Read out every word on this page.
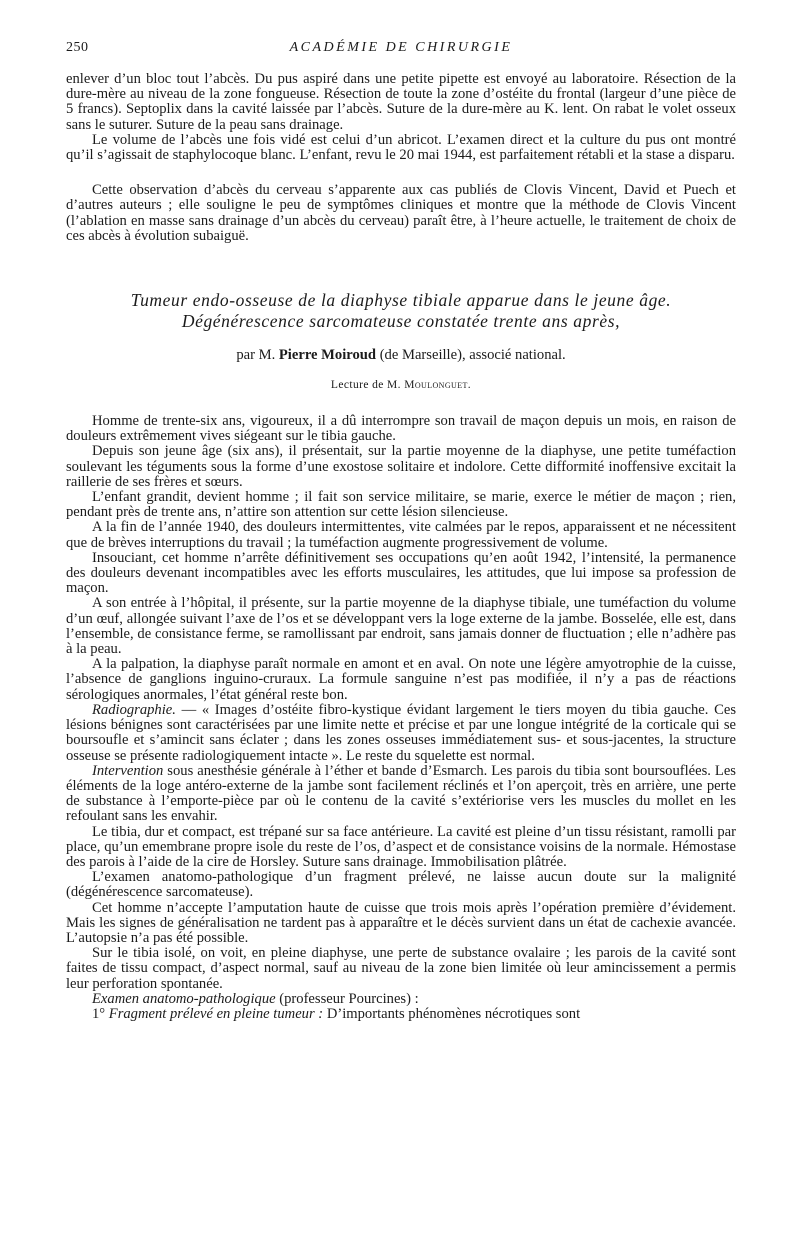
250	ACADÉMIE DE CHIRURGIE

enlever d’un bloc tout l’abcès. Du pus aspiré dans une petite pipette est envoyé au laboratoire. Résection de la dure-mère au niveau de la zone fongueuse. Résection de toute la zone d’ostéite du frontal (largeur d’une pièce de 5 francs). Septoplix dans la cavité laissée par l’abcès. Suture de la dure-mère au K. lent. On rabat le volet osseux sans le suturer. Suture de la peau sans drainage.

Le volume de l’abcès une fois vidé est celui d’un abricot. L’examen direct et la culture du pus ont montré qu’il s’agissait de staphylocoque blanc. L’enfant, revu le 20 mai 1944, est parfaitement rétabli et la stase a disparu.

Cette observation d’abcès du cerveau s’apparente aux cas publiés de Clovis Vincent, David et Puech et d’autres auteurs ; elle souligne le peu de symptômes cliniques et montre que la méthode de Clovis Vincent (l’ablation en masse sans drainage d’un abcès du cerveau) paraît être, à l’heure actuelle, le traitement de choix de ces abcès à évolution subaiguë.

Tumeur endo-osseuse de la diaphyse tibiale apparue dans le jeune âge.
Dégénérescence sarcomateuse constatée trente ans après,
par M. Pierre Moiroud (de Marseille), associé national.
Lecture de M. Moulonguet.

Homme de trente-six ans, vigoureux, il a dû interrompre son travail de maçon depuis un mois, en raison de douleurs extrêmement vives siégeant sur le tibia gauche.

Depuis son jeune âge (six ans), il présentait, sur la partie moyenne de la diaphyse, une petite tuméfaction soulevant les téguments sous la forme d’une exostose solitaire et indolore. Cette difformité inoffensive excitait la raillerie de ses frères et sœurs.

L’enfant grandit, devient homme ; il fait son service militaire, se marie, exerce le métier de maçon ; rien, pendant près de trente ans, n’attire son attention sur cette lésion silencieuse.

A la fin de l’année 1940, des douleurs intermittentes, vite calmées par le repos, apparaissent et ne nécessitent que de brèves interruptions du travail ; la tuméfaction augmente progressivement de volume.

Insouciant, cet homme n’arrête définitivement ses occupations qu’en août 1942, l’intensité, la permanence des douleurs devenant incompatibles avec les efforts musculaires, les attitudes, que lui impose sa profession de maçon.

A son entrée à l’hôpital, il présente, sur la partie moyenne de la diaphyse tibiale, une tuméfaction du volume d’un œuf, allongée suivant l’axe de l’os et se développant vers la loge externe de la jambe. Bosselée, elle est, dans l’ensemble, de consistance ferme, se ramollissant par endroit, sans jamais donner de fluctuation ; elle n’adhère pas à la peau.

A la palpation, la diaphyse paraît normale en amont et en aval. On note une légère amyotrophie de la cuisse, l’absence de ganglions inguino-cruraux. La formule sanguine n’est pas modifiée, il n’y a pas de réactions sérologiques anormales, l’état général reste bon.

Radiographie. — « Images d’ostéite fibro-kystique évidant largement le tiers moyen du tibia gauche. Ces lésions bénignes sont caractérisées par une limite nette et précise et par une longue intégrité de la corticale qui se boursoufle et s’amincit sans éclater ; dans les zones osseuses immédiatement sus- et sous-jacentes, la structure osseuse se présente radiologiquement intacte ». Le reste du squelette est normal.

Intervention sous anesthésie générale à l’éther et bande d’Esmarch. Les parois du tibia sont boursouflées. Les éléments de la loge antéro-externe de la jambe sont facilement réclinés et l’on aperçoit, très en arrière, une perte de substance à l’emporte-pièce par où le contenu de la cavité s’extériorise vers les muscles du mollet en les refoulant sans les envahir.

Le tibia, dur et compact, est trépané sur sa face antérieure. La cavité est pleine d’un tissu résistant, ramolli par place, qu’un emembrane propre isole du reste de l’os, d’aspect et de consistance voisins de la normale. Hémostase des parois à l’aide de la cire de Horsley. Suture sans drainage. Immobilisation plâtrée.

L’examen anatomo-pathologique d’un fragment prélevé, ne laisse aucun doute sur la malignité (dégénérescence sarcomateuse).

Cet homme n’accepte l’amputation haute de cuisse que trois mois après l’opération première d’évidement. Mais les signes de généralisation ne tardent pas à apparaître et le décès survient dans un état de cachexie avancée. L’autopsie n’a pas été possible.

Sur le tibia isolé, on voit, en pleine diaphyse, une perte de substance ovalaire ; les parois de la cavité sont faites de tissu compact, d’aspect normal, sauf au niveau de la zone bien limitée où leur amincissement a permis leur perforation spontanée.

Examen anatomo-pathologique (professeur Pourcines) :

1° Fragment prélevé en pleine tumeur : D’importants phénomènes nécrotiques sont
